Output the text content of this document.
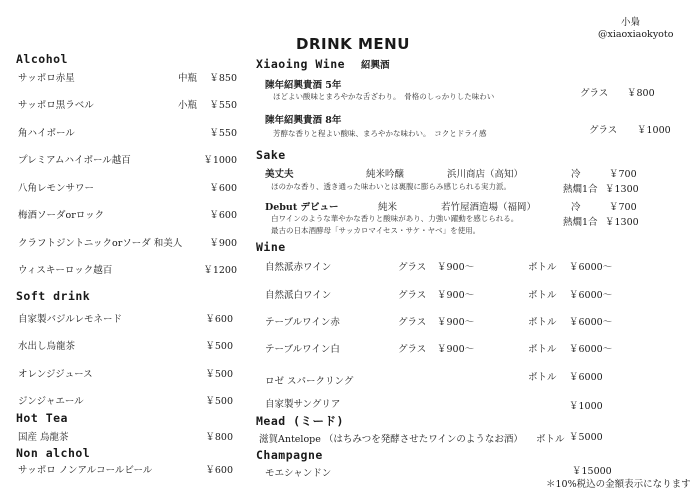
小梟
@xiaoxiaokyoto
DRINK MENU
Alcohol
サッポロ赤星	中瓶	￥850
サッポロ黒ラベル	小瓶	￥550
角ハイボール	￥550
プレミアムハイボール越百	￥1000
八角レモンサワー	￥600
梅酒ソーダorロック	￥600
クラフトジントニックorソーダ 和美人	￥900
ウィスキーロック越百	￥1200
Soft drink
自家製バジルレモネード	￥600
水出し烏龍茶	￥500
オレンジジュース	￥500
ジンジャエール	￥500
Hot Tea
国産 烏龍茶	￥800
Non alchol
サッポロ ノンアルコールビール	￥600
Xiaoing Wine 紹興酒
陳年紹興貴酒 5年
ほどよい酸味とまろやかな舌ざわり。　骨格のしっかりした味わい	グラス ￥800
陳年紹興貴酒 8年
芳醇な香りと程よい酸味、まろやかな味わい。　コクとドライ感	グラス ￥1000
Sake
美丈夫	純米吟醸	浜川商店（高知）
ほのかな香り、透き通った味わいとは裏腹に膨らみ感じられる実力派。
冷	￥700
熱燗1合 ￥1300
Debut デビュー	純米	若竹屋酒造場（福岡）
白ワインのような華やかな香りと酸味があり、力強い躍動を感じられる。
最古の日本酒酵母「サッカロマイセス・サケ・ヤベ」を使用。
冷	￥700
熱燗1合 ￥1300
Wine
自然派赤ワイン	グラス ￥900〜	ボトル ￥6000〜
自然派白ワイン	グラス ￥900〜	ボトル ￥6000〜
テーブルワイン赤	グラス ￥900〜	ボトル ￥6000〜
テーブルワイン白	グラス ￥900〜	ボトル ￥6000〜
ロゼ スパークリング	ボトル ￥6000
自家製サングリア	￥1000
Mead (ミード)
滋賀Antelope （はちみつを発酵させたワインのようなお酒） ボトル ￥5000
Champagne
モエシャンドン	￥15000
＊10%税込の金額表示になります
